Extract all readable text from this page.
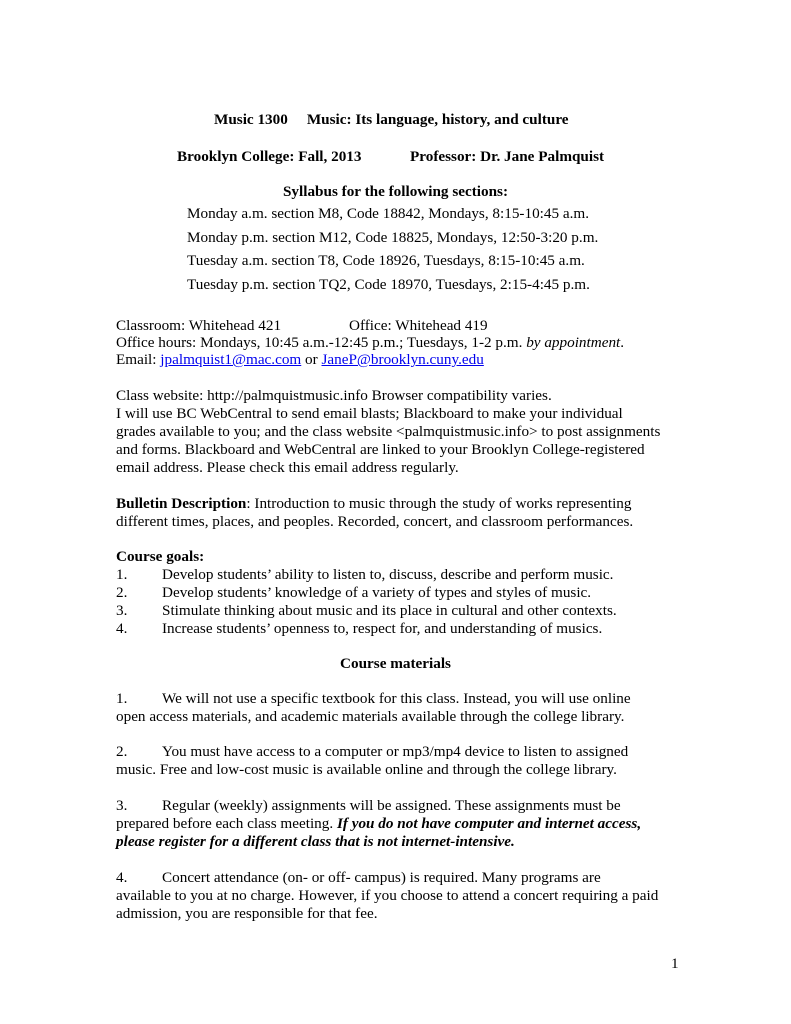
Music 1300 Music: Its language, history, and culture
Brooklyn College: Fall, 2013	Professor: Dr. Jane Palmquist
Syllabus for the following sections:
Monday a.m. section M8, Code 18842, Mondays, 8:15-10:45 a.m.
Monday p.m. section M12, Code 18825, Mondays, 12:50-3:20 p.m.
Tuesday a.m. section T8, Code 18926, Tuesdays, 8:15-10:45 a.m.
Tuesday p.m. section TQ2, Code 18970, Tuesdays, 2:15-4:45 p.m.
Classroom: Whitehead 421	Office: Whitehead 419
Office hours: Mondays, 10:45 a.m.-12:45 p.m.; Tuesdays, 1-2 p.m. by appointment.
Email: jpalmquist1@mac.com or JaneP@brooklyn.cuny.edu
Class website: http://palmquistmusic.info Browser compatibility varies.
I will use BC WebCentral to send email blasts; Blackboard to make your individual
grades available to you; and the class website <palmquistmusic.info> to post assignments
and forms. Blackboard and WebCentral are linked to your Brooklyn College-registered
email address. Please check this email address regularly.
Bulletin Description: Introduction to music through the study of works representing
different times, places, and peoples. Recorded, concert, and classroom performances.
Course goals:
1. Develop students’ ability to listen to, discuss, describe and perform music.
2. Develop students’ knowledge of a variety of types and styles of music.
3. Stimulate thinking about music and its place in cultural and other contexts.
4. Increase students’ openness to, respect for, and understanding of musics.
Course materials
1. We will not use a specific textbook for this class. Instead, you will use online
open access materials, and academic materials available through the college library.
2. You must have access to a computer or mp3/mp4 device to listen to assigned
music. Free and low-cost music is available online and through the college library.
3. Regular (weekly) assignments will be assigned. These assignments must be
prepared before each class meeting. If you do not have computer and internet access,
please register for a different class that is not internet-intensive.
4. Concert attendance (on- or off- campus) is required. Many programs are
available to you at no charge. However, if you choose to attend a concert requiring a paid
admission, you are responsible for that fee.
1
